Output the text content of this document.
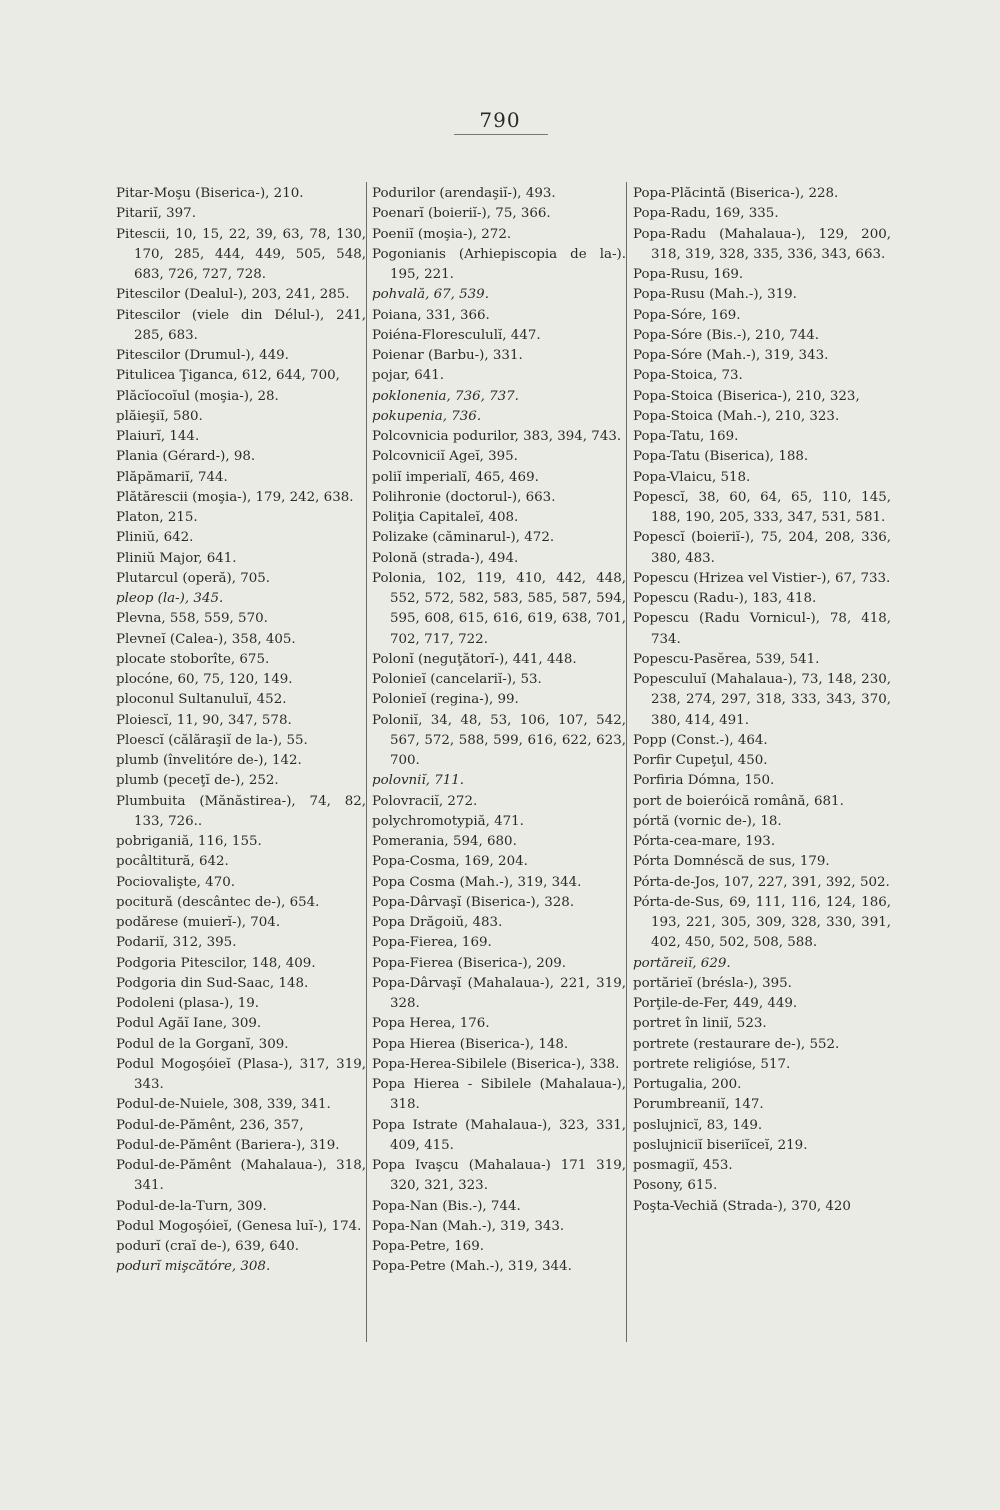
790

Pitar-Moşu (Biserica-), 210.

Pitariĭ, 397.

Pitescii, 10, 15, 22, 39, 63, 78, 130, 170, 285, 444, 449, 505, 548, 683, 726, 727, 728.

Pitescilor (Dealul-), 203, 241, 285.

Pitescilor (viele din Délul-), 241, 285, 683.

Pitescilor (Drumul-), 449.

Pitulicea Ţiganca, 612, 644, 700,

Plăcĭocoĭul (moşia-), 28.

plăieşiĭ, 580.

Plaiurĭ, 144.

Plania (Gérard-), 98.

Plăpămariĭ, 744.

Plătărescii (moşia-), 179, 242, 638.

Platon, 215.

Pliniŭ, 642.

Pliniŭ Major, 641.

Plutarcul (operă), 705.

pleop (la-), 345.

Plevna, 558, 559, 570.

Plevneĭ (Calea-), 358, 405.

plocate stoborîte, 675.

plocóne, 60, 75, 120, 149.

ploconul Sultanuluĭ, 452.

Ploiescĭ, 11, 90, 347, 578.

Ploescĭ (călăraşiĭ de la-), 55.

plumb (învelitóre de-), 142.

plumb (peceţĭ de-), 252.

Plumbuita (Mănăstirea-), 74, 82, 133, 726..

pobriganiă, 116, 155.

pocâltitură, 642.

Pociovalişte, 470.

pocitură (descântec de-), 654.

podărese (muierĭ-), 704.

Podariĭ, 312, 395.

Podgoria Pitescilor, 148, 409.

Podgoria din Sud-Saac, 148.

Podoleni (plasa-), 19.

Podul Agăĭ Iane, 309.

Podul de la Gorganĭ, 309.

Podul Mogoşóieĭ (Plasa-), 317, 319, 343.

Podul-de-Nuiele, 308, 339, 341.

Podul-de-Pămênt, 236, 357,

Podul-de-Pămênt (Bariera-), 319.

Podul-de-Pămênt (Mahalaua-), 318, 341.

Podul-de-la-Turn, 309.

Podul Mogoşóieĭ, (Genesa luĭ-), 174.

podurĭ (craĭ de-), 639, 640.

podurĭ mişcătóre, 308.

Podurilor (arendaşiĭ-), 493.

Poenarĭ (boieriĭ-), 75, 366.

Poeniĭ (moşia-), 272.

Pogonianis (Arhiepiscopia de la-). 195, 221.

pohvală, 67, 539.

Poiana, 331, 366.

Poiéna-Florescululĭ, 447.

Poienar (Barbu-), 331.

pojar, 641.

poklonenia, 736, 737.

pokupenia, 736.

Polcovnicia podurilor, 383, 394, 743.

Polcovniciĭ Ageĭ, 395.

poliĭ imperialĭ, 465, 469.

Polihronie (doctorul-), 663.

Poliţia Capitaleĭ, 408.

Polizake (căminarul-), 472.

Polonă (strada-), 494.

Polonia, 102, 119, 410, 442, 448, 552, 572, 582, 583, 585, 587, 594, 595, 608, 615, 616, 619, 638, 701, 702, 717, 722.

Polonĭ (neguţătorĭ-), 441, 448.

Polonieĭ (cancelariĭ-), 53.

Polonieĭ (regina-), 99.

Poloniĭ, 34, 48, 53, 106, 107, 542, 567, 572, 588, 599, 616, 622, 623, 700.

polovniĭ, 711.

Polovraciĭ, 272.

polychromotypiă, 471.

Pomerania, 594, 680.

Popa-Cosma, 169, 204.

Popa Cosma (Mah.-), 319, 344.

Popa-Dârvaşĭ (Biserica-), 328.

Popa Drăgoiŭ, 483.

Popa-Fierea, 169.

Popa-Fierea (Biserica-), 209.

Popa-Dârvaşĭ (Mahalaua-), 221, 319, 328.

Popa Herea, 176.

Popa Hierea (Biserica-), 148.

Popa-Herea-Sibilele (Biserica-), 338.

Popa Hierea - Sibilele (Mahalaua-), 318.

Popa Istrate (Mahalaua-), 323, 331, 409, 415.

Popa Ivaşcu (Mahalaua-) 171 319, 320, 321, 323.

Popa-Nan (Bis.-), 744.

Popa-Nan (Mah.-), 319, 343.

Popa-Petre, 169.

Popa-Petre (Mah.-), 319, 344.

Popa-Plăcintă (Biserica-), 228.

Popa-Radu, 169, 335.

Popa-Radu (Mahalaua-), 129, 200, 318, 319, 328, 335, 336, 343, 663.

Popa-Rusu, 169.

Popa-Rusu (Mah.-), 319.

Popa-Sóre, 169.

Popa-Sóre (Bis.-), 210, 744.

Popa-Sóre (Mah.-), 319, 343.

Popa-Stoica, 73.

Popa-Stoica (Biserica-), 210, 323,

Popa-Stoica (Mah.-), 210, 323.

Popa-Tatu, 169.

Popa-Tatu (Biserica), 188.

Popa-Vlaicu, 518.

Popescĭ, 38, 60, 64, 65, 110, 145, 188, 190, 205, 333, 347, 531, 581.

Popescĭ (boieriĭ-), 75, 204, 208, 336, 380, 483.

Popescu (Hrizea vel Vistier-), 67, 733.

Popescu (Radu-), 183, 418.

Popescu (Radu Vornicul-), 78, 418, 734.

Popescu-Pasĕrea, 539, 541.

Popesculuĭ (Mahalaua-), 73, 148, 230, 238, 274, 297, 318, 333, 343, 370, 380, 414, 491.

Popp (Const.-), 464.

Porfir Cupeţul, 450.

Porfiria Dómna, 150.

port de boieróică română, 681.

pórtă (vornic de-), 18.

Pórta-cea-mare, 193.

Pórta Domnéscă de sus, 179.

Pórta-de-Jos, 107, 227, 391, 392, 502.

Pórta-de-Sus, 69, 111, 116, 124, 186, 193, 221, 305, 309, 328, 330, 391, 402, 450, 502, 508, 588.

portăreiĭ, 629.

portărieĭ (brésla-), 395.

Porţile-de-Fer, 449, 449.

portret în liniĭ, 523.

portrete (restaurare de-), 552.

portrete religióse, 517.

Portugalia, 200.

Porumbreaniĭ, 147.

poslujnicĭ, 83, 149.

poslujniciĭ biseriĭceĭ, 219.

posmagiĭ, 453.

Posony, 615.

Poşta-Vechiă (Strada-), 370, 420
